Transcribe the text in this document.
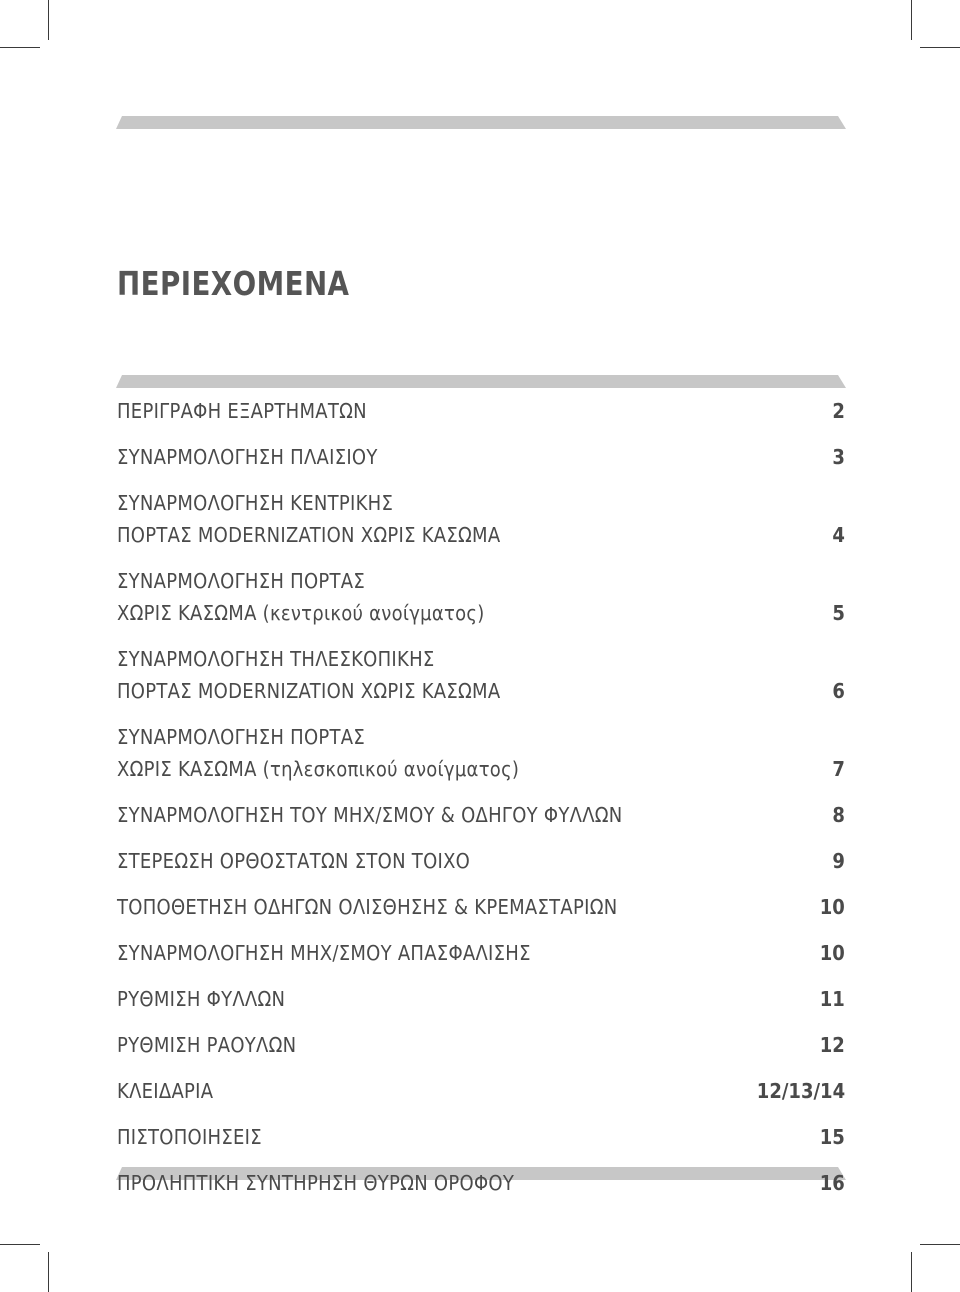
ΠΕΡΙΕΧΟΜΕΝΑ
ΠΕΡΙΓΡΑΦΗ ΕΞΑΡΤΗΜΑΤΩΝ	2
ΣΥΝΑΡΜΟΛΟΓΗΣΗ ΠΛΑΙΣΙΟΥ	3
ΣΥΝΑΡΜΟΛΟΓΗΣΗ ΚΕΝΤΡΙΚΗΣ
ΠΟΡΤΑΣ MODERNIZATION ΧΩΡΙΣ ΚΑΣΩΜΑ	4
ΣΥΝΑΡΜΟΛΟΓΗΣΗ ΠΟΡΤΑΣ
ΧΩΡΙΣ ΚΑΣΩΜΑ (κεντρικού ανοίγματος)	5
ΣΥΝΑΡΜΟΛΟΓΗΣΗ ΤΗΛΕΣΚΟΠΙΚΗΣ
ΠΟΡΤΑΣ MODERNIZATION ΧΩΡΙΣ ΚΑΣΩΜΑ	6
ΣΥΝΑΡΜΟΛΟΓΗΣΗ ΠΟΡΤΑΣ
ΧΩΡΙΣ ΚΑΣΩΜΑ (τηλεσκοπικού ανοίγματος)	7
ΣΥΝΑΡΜΟΛΟΓΗΣΗ ΤΟΥ ΜΗΧ/ΣΜΟΥ & ΟΔΗΓΟΥ ΦΥΛΛΩΝ	8
ΣΤΕΡΕΩΣΗ ΟΡΘΟΣΤΑΤΩΝ ΣΤΟΝ ΤΟΙΧΟ	9
ΤΟΠΟΘΕΤΗΣΗ ΟΔΗΓΩΝ ΟΛΙΣΘΗΣΗΣ & ΚΡΕΜΑΣΤΑΡΙΩΝ	10
ΣΥΝΑΡΜΟΛΟΓΗΣΗ ΜΗΧ/ΣΜΟΥ ΑΠΑΣΦΑΛΙΣΗΣ	10
ΡΥΘΜΙΣΗ ΦΥΛΛΩΝ	11
ΡΥΘΜΙΣΗ ΡΑΟΥΛΩΝ	12
ΚΛΕΙΔΑΡΙΑ	12/13/14
ΠΙΣΤΟΠΟΙΗΣΕΙΣ	15
ΠΡΟΛΗΠΤΙΚΗ ΣΥΝΤΗΡΗΣΗ ΘΥΡΩΝ ΟΡΟΦΟΥ	16
